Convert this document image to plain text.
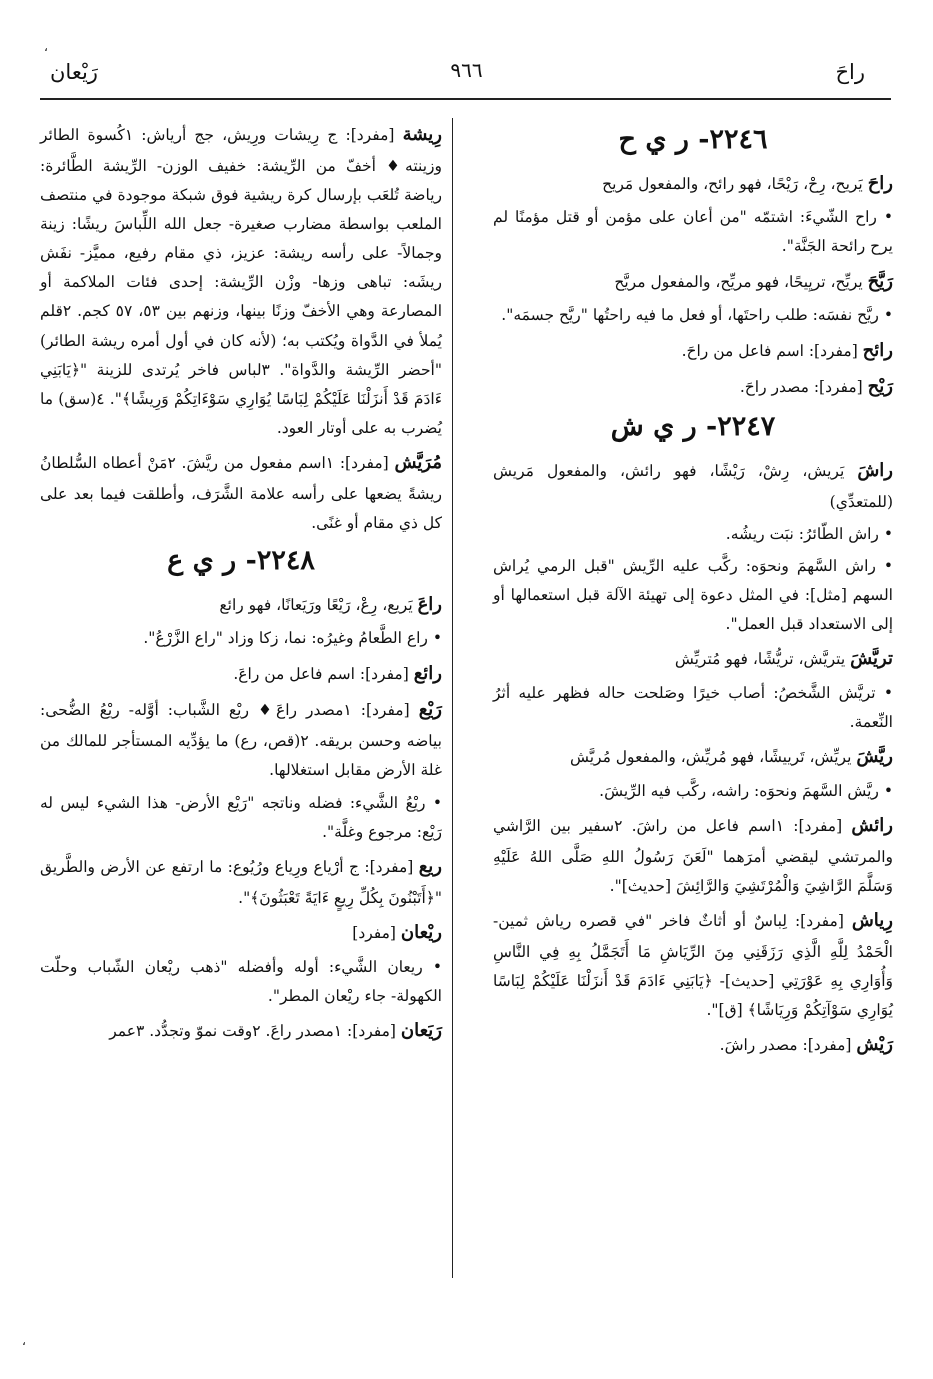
،
،
راحَ
٩٦٦
رَيْعان
٢٢٤٦- ر ي ح

راحَ يَريح، رِحْ، رَيْحًا، فهو رائح، والمفعول مَريح

• راح الشّيءَ: اشتمّه "من أعان على مؤمن أو قتل مؤمنًا لم يرح رائحة الجَنَّة".

رَيَّحَ يريِّح، تريِيحًا، فهو مريِّح، والمفعول مريَّح

• ريَّح نفسَه: طلب راحتَها، أو فعل ما فيه راحتُها "ريَّح جسمَه".

رائح [مفرد]: اسم فاعل من راحَ.

رَيْح [مفرد]: مصدر راحَ.

٢٢٤٧- ر ي ش

راشَ يَريش، رِشْ، رَيْشًا، فهو رائش، والمفعول مَريش (للمتعدِّي)

• راش الطّائرُ: نبَت ريشُه.

• راش السَّهمَ ونحوَه: ركَّب عليه الرِّيش "قبل الرمي يُراش السهم [مثل]: في المثل دعوة إلى تهيئة الآلة قبل استعمالها أو إلى الاستعداد قبل العمل".

تريَّشَ يتريَّش، تريُّشًا، فهو مُتريِّش

• تريَّش الشَّخصُ: أصاب خيرًا وصَلحت حاله فظهر عليه أثرُ النِّعمة.

ريَّشَ يريِّش، تَرييشًا، فهو مُريِّش، والمفعول مُريَّش

• ريَّش السَّهمَ ونحوَه: راشه، ركَّب فيه الرِّيشَ.

رائش [مفرد]: ١اسم فاعل من راشَ. ٢سفير بين الرَّاشي والمرتشي ليقضي أمرَهما "لَعَنَ رَسُولُ اللهِ صَلَّى اللهُ عَلَيْهِ وَسَلَّمَ الرَّاشِيَ وَالْمُرْتَشِيَ وَالرَّائِشَ [حديث]".

رِياش [مفرد]: لِباسٌ أو أثاثٌ فاخر "في قصره رياش ثمين- الْحَمْدُ لِلَّهِ الَّذِي رَزَقَنِي مِنَ الرِّيَاشِ مَا أَتَجَمَّلُ بِهِ فِي النَّاسِ وَأُوَارِي بِهِ عَوْرَتِي [حديث]- ﴿يَابَنِي ءَادَمَ قَدْ أَنزَلْنَا عَلَيْكُمْ لِبَاسًا يُوَارِي سَوْآتِكُمْ وَرِيَاشًا﴾ [ق]".

رَيْش [مفرد]: مصدر راشَ.

رِيشة [مفرد]: ج رِيشات ورِيش، جج أرياش: ١كُسوة الطائر وزينته♦ أخفّ من الرِّيشة: خفيف الوزن- الرِّيشة الطَّائرة: رياضة تُلعَب بإرسال كرة ريشية فوق شبكة موجودة في منتصف الملعب بواسطة مضارب صغيرة- جعل الله اللِّباسَ ريشًا: زينة وجمالاً- على رأسه ريشة: عزيز، ذي مقام رفيع، مميَّز- نفَش ريشَه: تباهى وزها- وزْن الرِّيشة: إحدى فئات الملاكمة أو المصارعة وهي الأخفّ وزنًا بينها، وزنهم بين ٥٣، ٥٧ كجم. ٢قلم يُملأ في الدَّواة ويُكتب به؛ (لأنه كان في أول أمره ريشة الطائر) "أحضر الرِّيشة والدَّواة". ٣لباس فاخر يُرتدى للزينة "﴿يَابَنِي ءَادَمَ قَدْ أَنزَلْنَا عَلَيْكُمْ لِبَاسًا يُوَارِي سَوْءَاتِكُمْ وَرِيشًا﴾". ٤(سق) ما يُضرب به على أوتار العود.

مُرَيَّش [مفرد]: ١اسم مفعول من ريَّشَ. ٢مَنْ أعطاه السُّلطانُ ريشةً يضعها على رأسه علامة الشَّرَف، وأطلقت فيما بعد على كل ذي مقام أو غنًى.

٢٢٤٨- ر ي ع

راعَ يَريع، رِعْ، رَيْعًا ورَيَعانًا، فهو رائع

• راع الطَّعامُ وغيرُه: نما، زكا وزاد "راع الزَّرْعُ".

رائع [مفرد]: اسم فاعل من راعَ.

رَيْع [مفرد]: ١مصدر راعَ♦ ريْع الشَّباب: أوَّله- ريْعُ الضُّحى: بياضه وحسن بريقه. ٢(قص، رع) ما يؤدِّيه المستأجر للمالك من غلة الأرض مقابل استغلالها.

• ريْعُ الشَّيء: فضله وناتجه "رَيْع الأرض- هذا الشيء ليس له رَيْع: مرجوع وغلَّة".

ريع [مفرد]: ج أرْياع ورِياع ورُيُوع: ما ارتفع عن الأرض والطَّريق "﴿أَتَبْنُونَ بِكُلِّ رِيعٍ ءَايَةً تَعْبَثُونَ﴾".

ريْعان [مفرد]

• ريعان الشَّيء: أوله وأفضله "ذهب ريْعان الشّباب وحلّت الكهولة- جاء ريْعان المطر".

رَيَعان [مفرد]: ١مصدر راعَ. ٢وقت نموّ وتجدُّد. ٣عمر
